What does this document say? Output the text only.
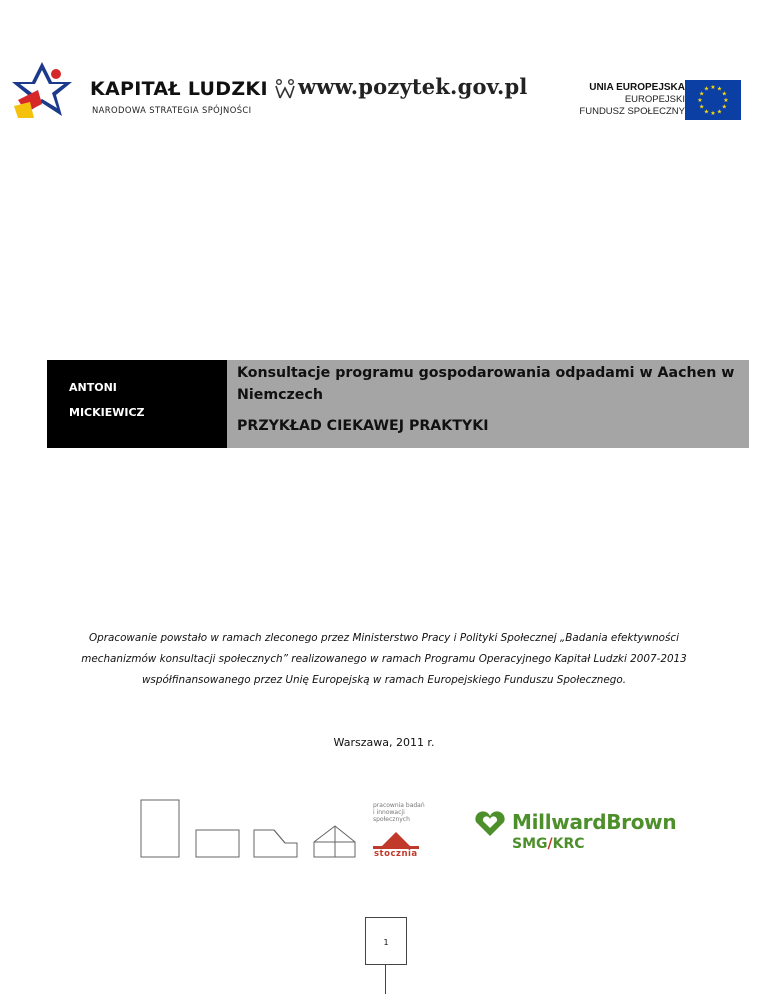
KAPITAŁ LUDZKI
NARODOWA STRATEGIA SPÓJNOŚCI
www.pozytek.gov.pl	UNIA EUROPEJSKA
EUROPEJSKI
FUNDUSZ SPOŁECZNY
★ ★
★
★
★
★
★
★
★
★
★
★
ANTONI
MICKIEWICZ
Konsultacje programu gospodarowania odpadami w Aachen w Niemczech
PRZYKŁAD CIEKAWEJ PRAKTYKI
Opracowanie powstało w ramach zleconego przez Ministerstwo Pracy i Polityki Społecznej „Badania efektywności mechanizmów konsultacji społecznych” realizowanego w ramach Programu Operacyjnego Kapitał Ludzki 2007-2013 współfinansowanego przez Unię Europejską w ramach Europejskiego Funduszu Społecznego.
Warszawa, 2011 r.
pracownia badań
i innowacji
społecznych
stocznia
MillwardBrown
SMG/KRC
1
